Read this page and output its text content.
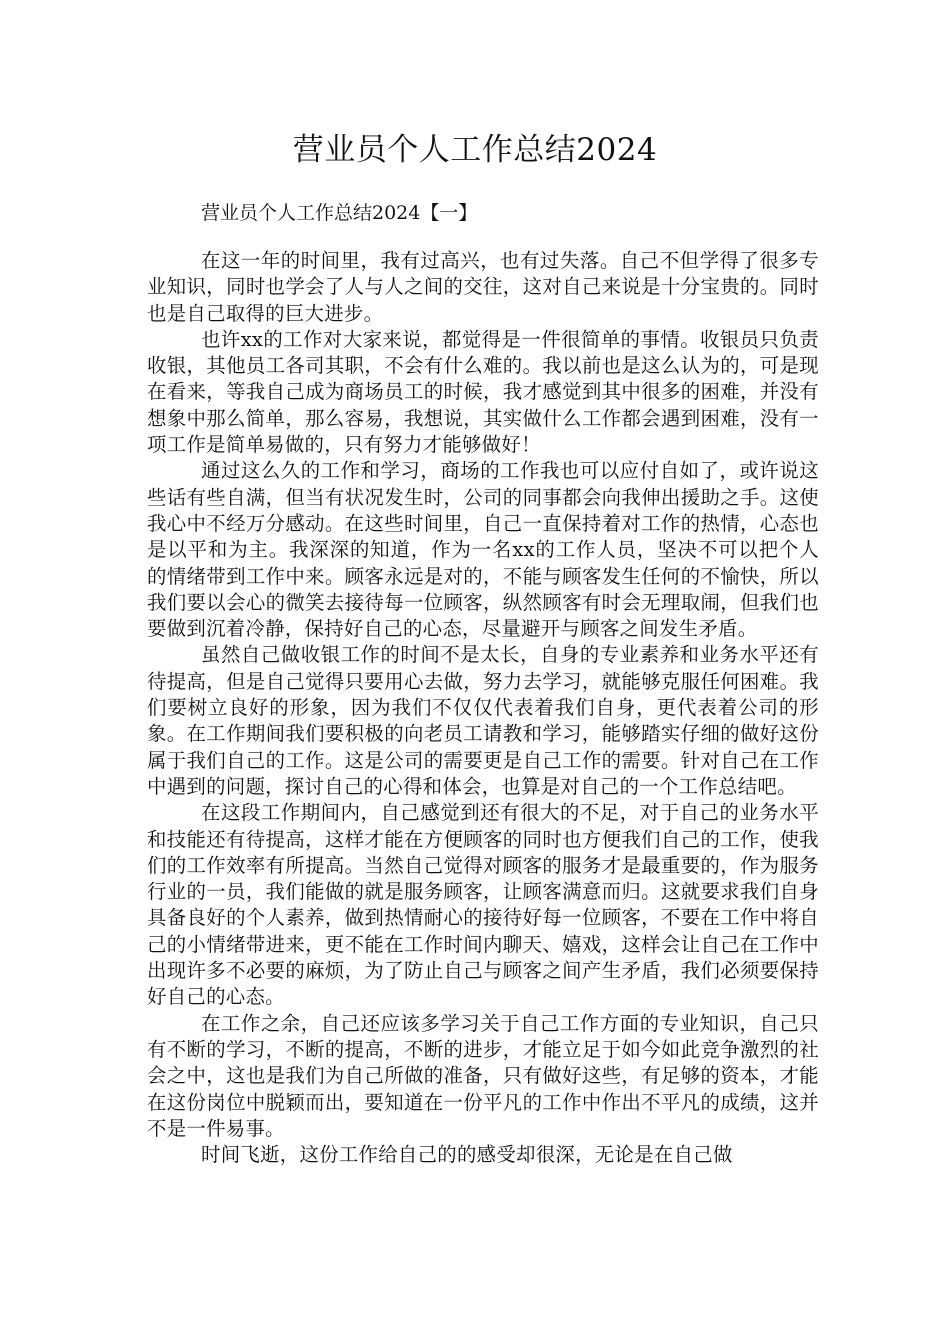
营业员个人工作总结2024
营业员个人工作总结2024【一】

在这一年的时间里，我有过高兴，也有过失落。自己不但学得了很多专业知识，同时也学会了人与人之间的交往，这对自己来说是十分宝贵的。同时也是自己取得的巨大进步。

也许xx的工作对大家来说，都觉得是一件很简单的事情。收银员只负责收银，其他员工各司其职，不会有什么难的。我以前也是这么认为的，可是现在看来，等我自己成为商场员工的时候，我才感觉到其中很多的困难，并没有想象中那么简单，那么容易，我想说，其实做什么工作都会遇到困难，没有一项工作是简单易做的，只有努力才能够做好！

通过这么久的工作和学习，商场的工作我也可以应付自如了，或许说这些话有些自满，但当有状况发生时，公司的同事都会向我伸出援助之手。这使我心中不经万分感动。在这些时间里，自己一直保持着对工作的热情，心态也是以平和为主。我深深的知道，作为一名xx的工作人员，坚决不可以把个人的情绪带到工作中来。顾客永远是对的，不能与顾客发生任何的不愉快，所以我们要以会心的微笑去接待每一位顾客，纵然顾客有时会无理取闹，但我们也要做到沉着冷静，保持好自己的心态，尽量避开与顾客之间发生矛盾。

虽然自己做收银工作的时间不是太长，自身的专业素养和业务水平还有待提高，但是自己觉得只要用心去做，努力去学习，就能够克服任何困难。我们要树立良好的形象，因为我们不仅仅代表着我们自身，更代表着公司的形象。在工作期间我们要积极的向老员工请教和学习，能够踏实仔细的做好这份属于我们自己的工作。这是公司的需要更是自己工作的需要。针对自己在工作中遇到的问题，探讨自己的心得和体会，也算是对自己的一个工作总结吧。

在这段工作期间内，自己感觉到还有很大的不足，对于自己的业务水平和技能还有待提高，这样才能在方便顾客的同时也方便我们自己的工作，使我们的工作效率有所提高。当然自己觉得对顾客的服务才是最重要的，作为服务行业的一员，我们能做的就是服务顾客，让顾客满意而归。这就要求我们自身具备良好的个人素养，做到热情耐心的接待好每一位顾客，不要在工作中将自己的小情绪带进来，更不能在工作时间内聊天、嬉戏，这样会让自己在工作中出现许多不必要的麻烦，为了防止自己与顾客之间产生矛盾，我们必须要保持好自己的心态。

在工作之余，自己还应该多学习关于自己工作方面的专业知识，自己只有不断的学习，不断的提高，不断的进步，才能立足于如今如此竞争激烈的社会之中，这也是我们为自己所做的准备，只有做好这些，有足够的资本，才能在这份岗位中脱颖而出，要知道在一份平凡的工作中作出不平凡的成绩，这并不是一件易事。

时间飞逝，这份工作给自己的的感受却很深，无论是在自己做
